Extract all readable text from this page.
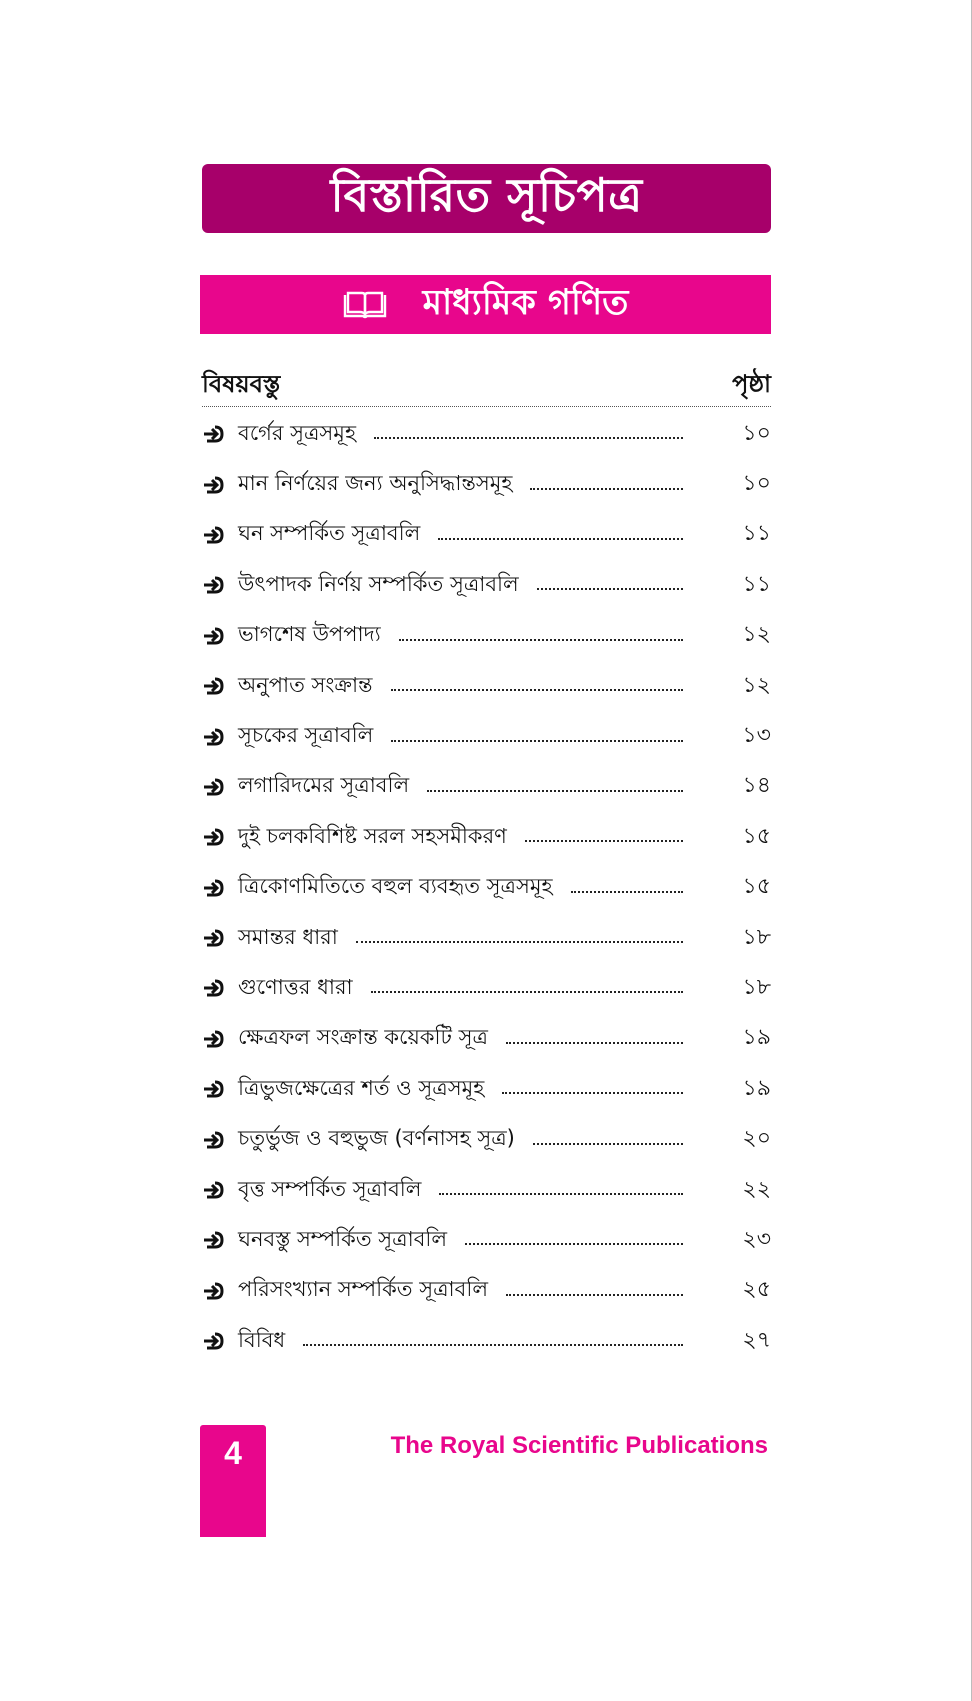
বিস্তারিত সূচিপত্র
মাধ্যমিক গণিত
বিষয়বস্তু	পৃষ্ঠা
বর্গের সূত্রসমূহ	১০
মান নির্ণয়ের জন্য অনুসিদ্ধান্তসমূহ	১০
ঘন সম্পর্কিত সূত্রাবলি	১১
উৎপাদক নির্ণয় সম্পর্কিত সূত্রাবলি	১১
ভাগশেষ উপপাদ্য	১২
অনুপাত সংক্রান্ত	১২
সূচকের সূত্রাবলি	১৩
লগারিদমের সূত্রাবলি	১৪
দুই চলকবিশিষ্ট সরল সহসমীকরণ	১৫
ত্রিকোণমিতিতে বহুল ব্যবহৃত সূত্রসমূহ	১৫
সমান্তর ধারা	১৮
গুণোত্তর ধারা	১৮
ক্ষেত্রফল সংক্রান্ত কয়েকটি সূত্র	১৯
ত্রিভুজক্ষেত্রের শর্ত ও সূত্রসমূহ	১৯
চতুর্ভুজ ও বহুভুজ (বর্ণনাসহ সূত্র)	২০
বৃত্ত সম্পর্কিত সূত্রাবলি	২২
ঘনবস্তু সম্পর্কিত সূত্রাবলি	২৩
পরিসংখ্যান সম্পর্কিত সূত্রাবলি	২৫
বিবিধ	২৭
4	The Royal Scientific Publications
